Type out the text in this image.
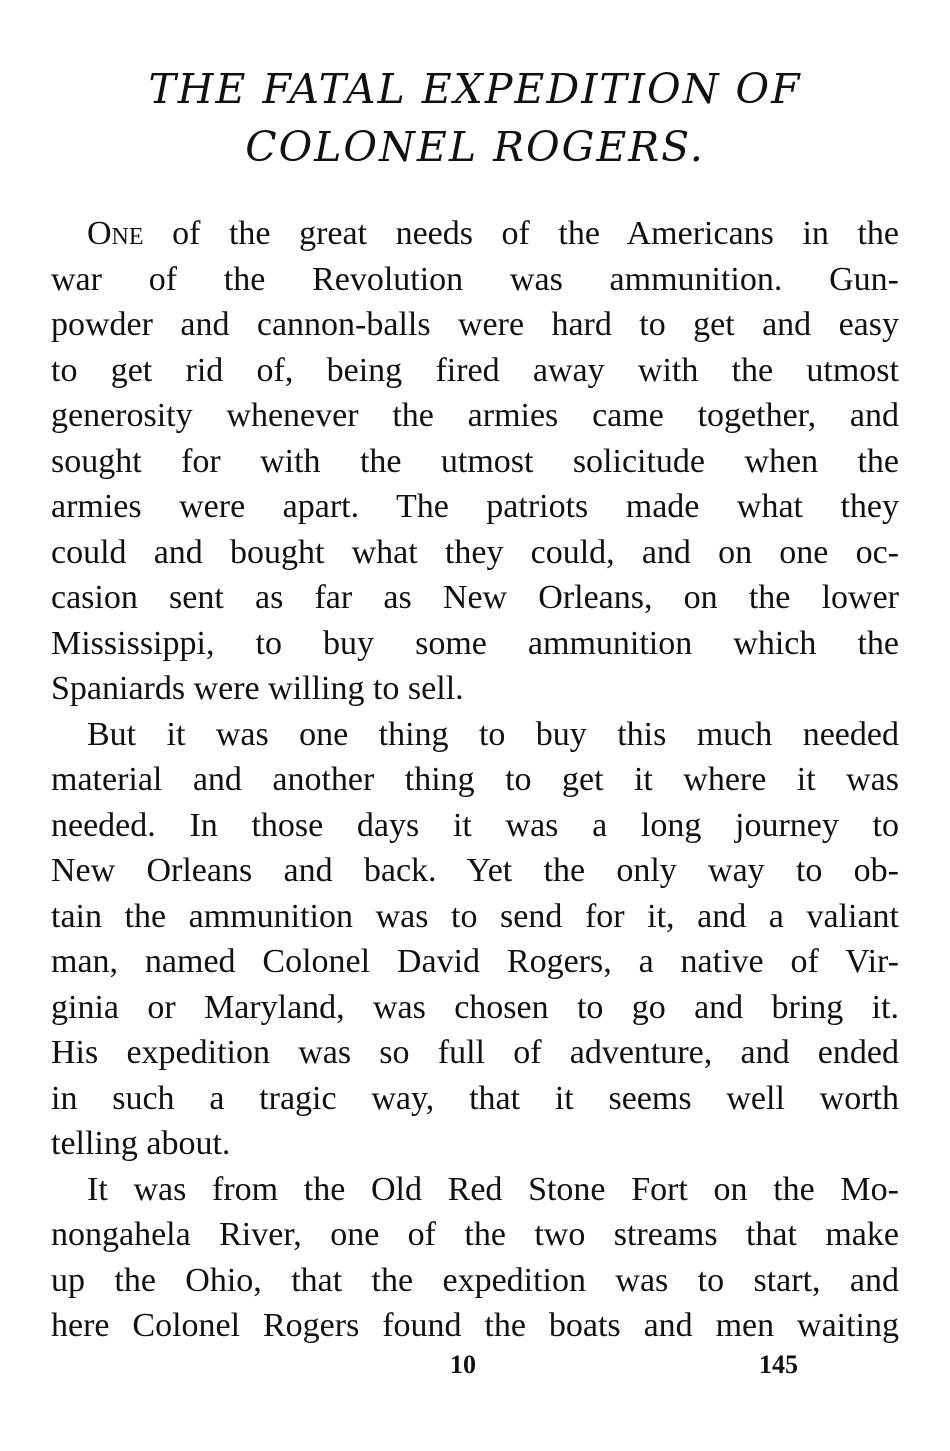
THE FATAL EXPEDITION OF
COLONEL ROGERS.
One of the great needs of the Americans in the
war of the Revolution was ammunition. Gun-
powder and cannon-balls were hard to get and easy
to get rid of, being fired away with the utmost
generosity whenever the armies came together, and
sought for with the utmost solicitude when the
armies were apart. The patriots made what they
could and bought what they could, and on one oc-
casion sent as far as New Orleans, on the lower
Mississippi, to buy some ammunition which the
Spaniards were willing to sell.
But it was one thing to buy this much needed
material and another thing to get it where it was
needed. In those days it was a long journey to
New Orleans and back. Yet the only way to ob-
tain the ammunition was to send for it, and a valiant
man, named Colonel David Rogers, a native of Vir-
ginia or Maryland, was chosen to go and bring it.
His expedition was so full of adventure, and ended
in such a tragic way, that it seems well worth
telling about.
It was from the Old Red Stone Fort on the Mo-
nongahela River, one of the two streams that make
up the Ohio, that the expedition was to start, and
here Colonel Rogers found the boats and men waiting
10	145
